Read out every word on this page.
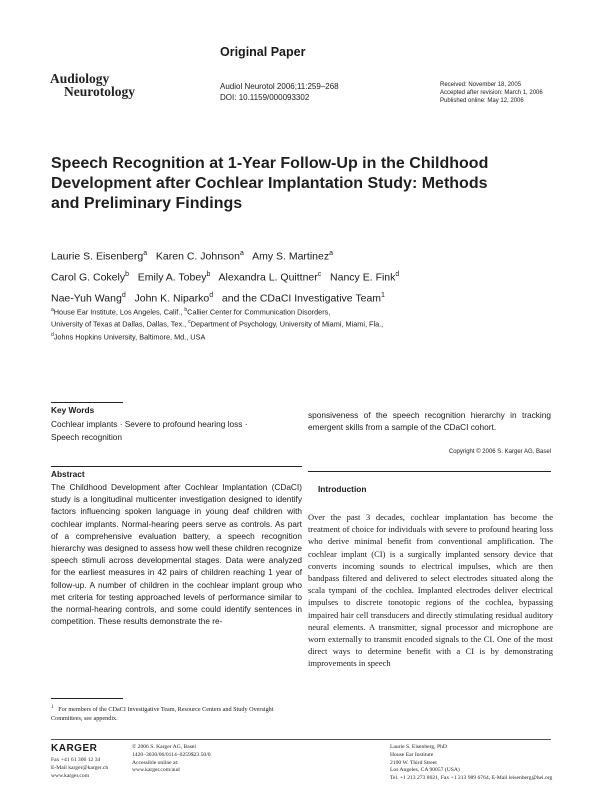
Original Paper
Audiology
Neurotology	Audiol Neurotol 2006;11:259–268
DOI: 10.1159/000093302
Received: November 18, 2005
Accepted after revision: March 1, 2006
Published online: May 12, 2006
Speech Recognition at 1-Year Follow-Up in the Childhood Development after Cochlear Implantation Study: Methods and Preliminary Findings
Laurie S. Eisenberg$^a$ Karen C. Johnson$^a$ Amy S. Martinez$^a$
Carol G. Cokely$^b$ Emily A. Tobey$^b$ Alexandra L. Quittner$^c$ Nancy E. Fink$^d$
Nae-Yuh Wang$^d$ John K. Niparko$^d$ and the CDaCI Investigative Team$^1$
$^a$House Ear Institute, Los Angeles, Calif., $^b$Callier Center for Communication Disorders,
University of Texas at Dallas, Dallas, Tex., $^c$Department of Psychology, University of Miami, Miami, Fla.,
$^d$Johns Hopkins University, Baltimore, Md., USA
Key Words
Cochlear implants · Severe to profound hearing loss ·
Speech recognition
Abstract
The Childhood Development after Cochlear Implantation (CDaCI) study is a longitudinal multicenter investigation designed to identify factors influencing spoken language in young deaf children with cochlear implants. Normal-hearing peers serve as controls. As part of a comprehensive evaluation battery, a speech recognition hierarchy was designed to assess how well these children recognize speech stimuli across developmental stages. Data were analyzed for the earliest measures in 42 pairs of children reaching 1 year of follow-up. A number of children in the cochlear implant group who met criteria for testing approached levels of performance similar to the normal-hearing controls, and some could identify sentences in competition. These results demonstrate the re-
sponsiveness of the speech recognition hierarchy in tracking emergent skills from a sample of the CDaCI cohort.
Copyright © 2006 S. Karger AG, Basel
Introduction
Over the past 3 decades, cochlear implantation has become the treatment of choice for individuals with severe to profound hearing loss who derive minimal benefit from conventional amplification. The cochlear implant (CI) is a surgically implanted sensory device that converts incoming sounds to electrical impulses, which are then bandpass filtered and delivered to select electrodes situated along the scala tympani of the cochlea. Implanted electrodes deliver electrical impulses to discrete tonotopic regions of the cochlea, bypassing impaired hair cell transducers and directly stimulating residual auditory neural elements. A transmitter, signal processor and microphone are worn externally to transmit encoded signals to the CI. One of the most direct ways to determine benefit with a CI is by demonstrating improvements in speech
$^1$ For members of the CDaCI Investigative Team, Resource Centers and Study Oversight Committees, see appendix.
KARGER
Fax +41 61 306 12 34
E-Mail karger@karger.ch
www.karger.com
© 2006 S. Karger AG, Basel
1420–3030/06/0114–0259$23.50/0
Accessible online at:
www.karger.com/aud
Laurie S. Eisenberg, PhD
House Ear Institute
2100 W. Third Street
Los Angeles, CA 90057 (USA)
Tel. +1 213 273 8021, Fax +1 213 989 6764, E-Mail leisenberg@hei.org
